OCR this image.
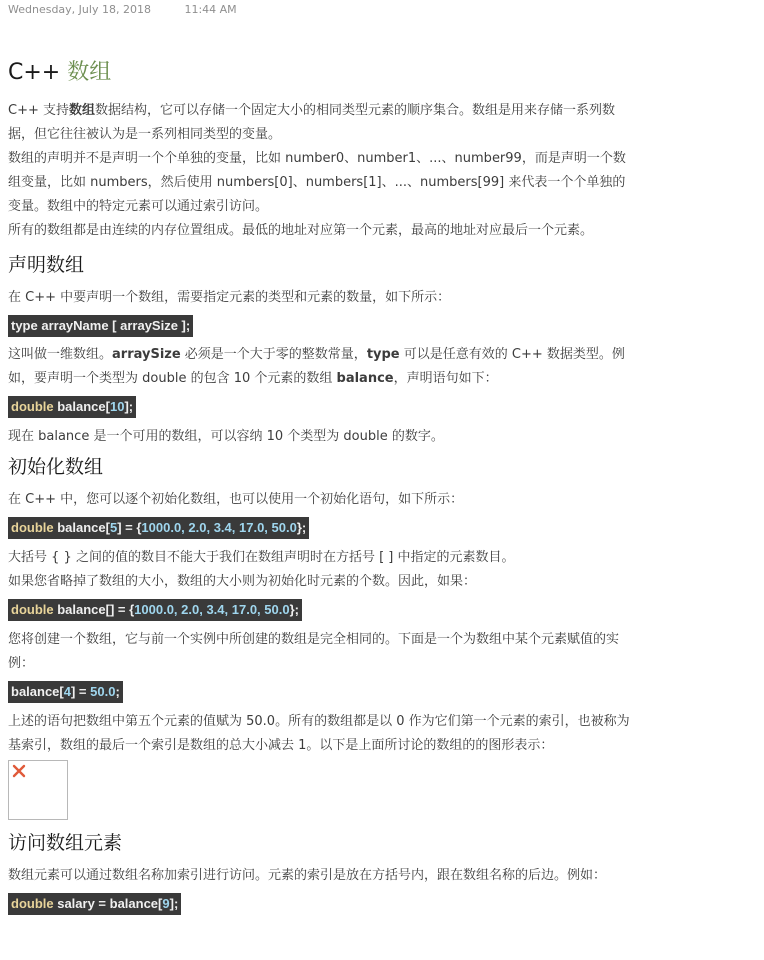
Wednesday, July 18, 2018	11:44 AM
C++ 数组

C++ 支持数组数据结构，它可以存储一个固定大小的相同类型元素的顺序集合。数组是用来存储一系列数据，但它往往被认为是一系列相同类型的变量。

数组的声明并不是声明一个个单独的变量，比如 number0、number1、...、number99，而是声明一个数组变量，比如 numbers，然后使用 numbers[0]、numbers[1]、...、numbers[99] 来代表一个个单独的变量。数组中的特定元素可以通过索引访问。

所有的数组都是由连续的内存位置组成。最低的地址对应第一个元素，最高的地址对应最后一个元素。

声明数组

在 C++ 中要声明一个数组，需要指定元素的类型和元素的数量，如下所示：

type arrayName [ arraySize ];

这叫做一维数组。arraySize 必须是一个大于零的整数常量，type 可以是任意有效的 C++ 数据类型。例如，要声明一个类型为 double 的包含 10 个元素的数组 balance，声明语句如下：

double balance[10];

现在 balance 是一个可用的数组，可以容纳 10 个类型为 double 的数字。

初始化数组

在 C++ 中，您可以逐个初始化数组，也可以使用一个初始化语句，如下所示：

double balance[5] = {1000.0, 2.0, 3.4, 17.0, 50.0};

大括号 { } 之间的值的数目不能大于我们在数组声明时在方括号 [ ] 中指定的元素数目。

如果您省略掉了数组的大小，数组的大小则为初始化时元素的个数。因此，如果：

double balance[] = {1000.0, 2.0, 3.4, 17.0, 50.0};

您将创建一个数组，它与前一个实例中所创建的数组是完全相同的。下面是一个为数组中某个元素赋值的实例：

balance[4] = 50.0;

上述的语句把数组中第五个元素的值赋为 50.0。所有的数组都是以 0 作为它们第一个元素的索引，也被称为基索引，数组的最后一个索引是数组的总大小减去 1。以下是上面所讨论的数组的的图形表示：

访问数组元素

数组元素可以通过数组名称加索引进行访问。元素的索引是放在方括号内，跟在数组名称的后边。例如：

double salary = balance[9];
